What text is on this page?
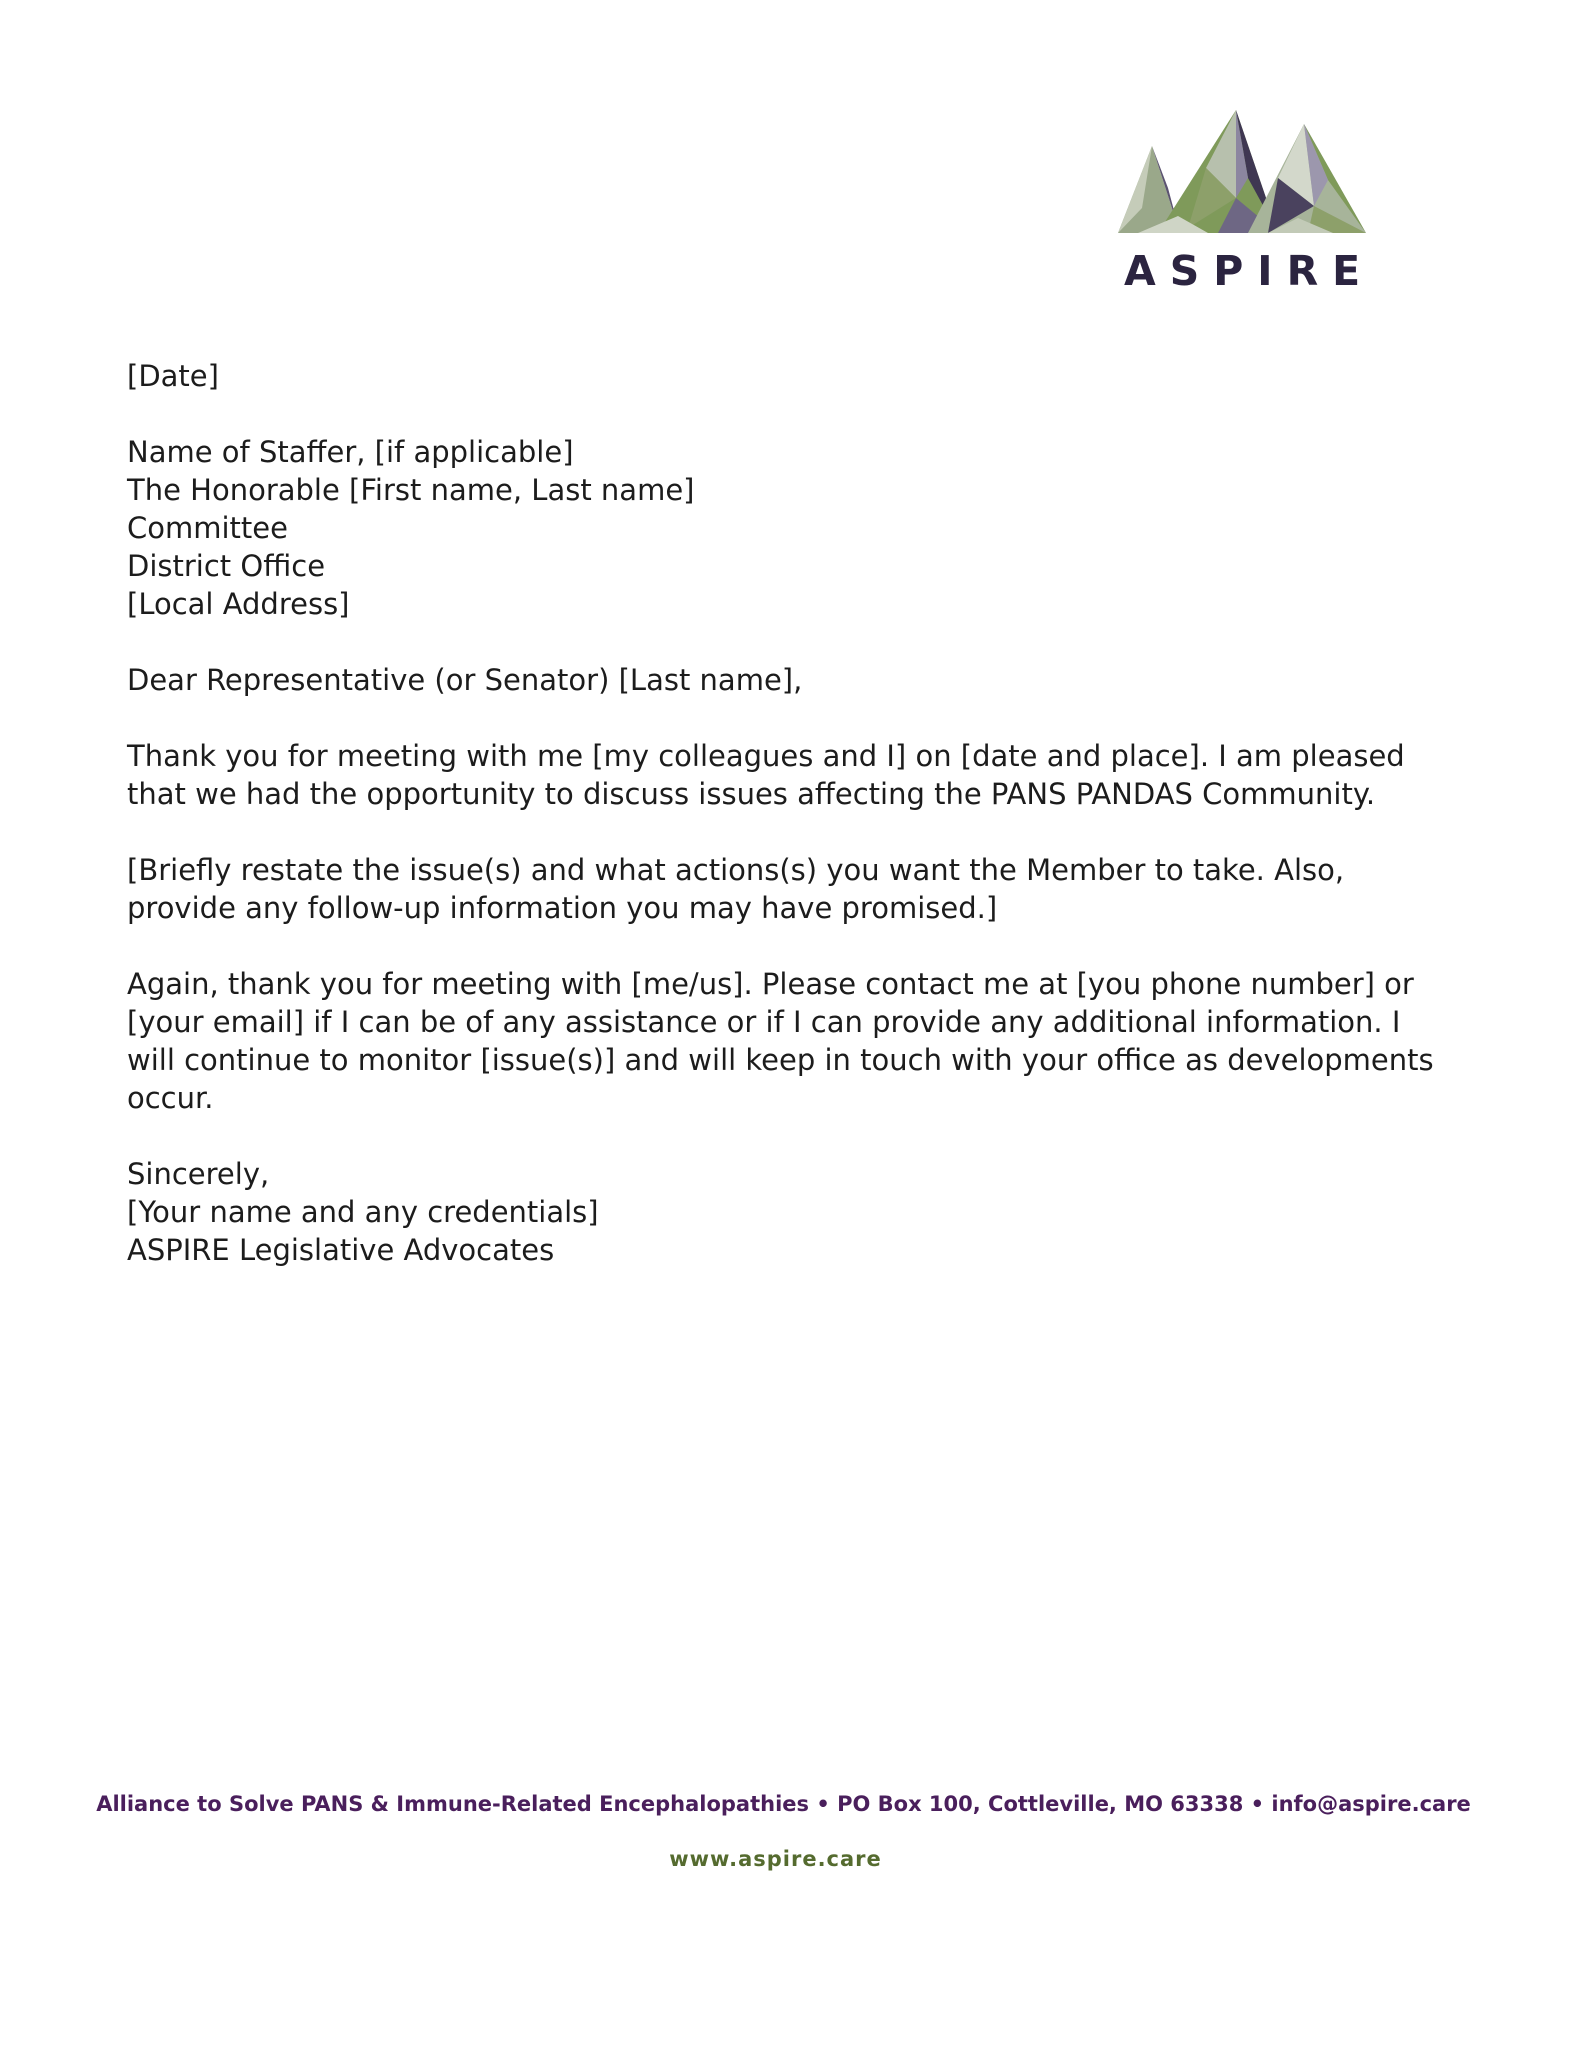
ASPIRE

[Date]

Name of Staffer, [if applicable]
The Honorable [First name, Last name]
Committee
District Office
[Local Address]

Dear Representative (or Senator) [Last name],

Thank you for meeting with me [my colleagues and I] on [date and place]. I am pleased that we had the opportunity to discuss issues affecting the PANS PANDAS Community.

[Briefly restate the issue(s) and what actions(s) you want the Member to take. Also, provide any follow-up information you may have promised.]

Again, thank you for meeting with [me/us]. Please contact me at [you phone number] or [your email] if I can be of any assistance or if I can provide any additional information. I will continue to monitor [issue(s)] and will keep in touch with your office as developments occur.

Sincerely,
[Your name and any credentials]
ASPIRE Legislative Advocates

Alliance to Solve PANS & Immune-Related Encephalopathies • PO Box 100, Cottleville, MO 63338 • info@aspire.care
www.aspire.care
